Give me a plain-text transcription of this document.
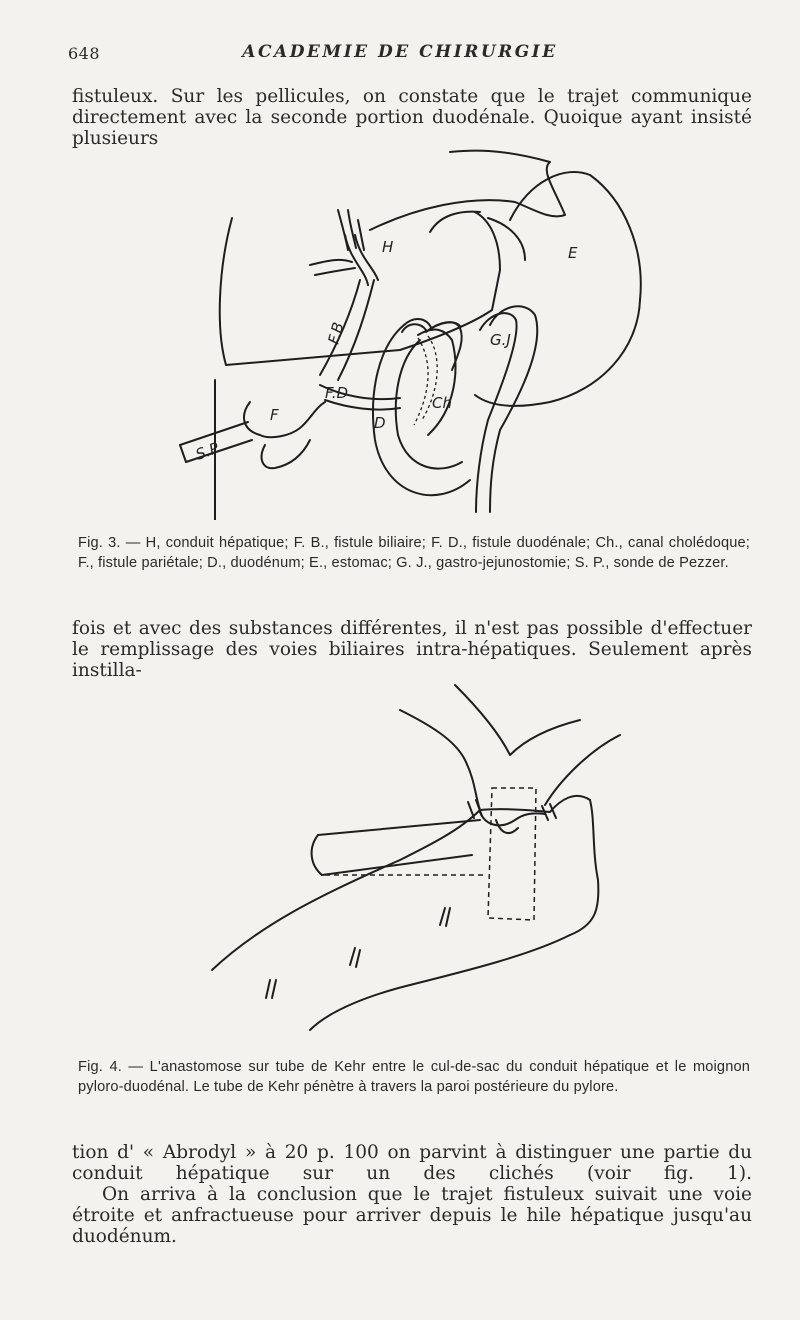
648	ACADEMIE DE CHIRURGIE
fistuleux. Sur les pellicules, on constate que le trajet communique directement avec la seconde portion duodénale. Quoique ayant insisté plusieurs
H	E
F.B	G.J
F.D
Ch
D
F
S.P
Fig. 3. — H, conduit hépatique; F. B., fistule biliaire; F. D., fistule duodénale; Ch., canal cholédoque; F., fistule pariétale; D., duodénum; E., estomac; G. J., gastro-jejunostomie; S. P., sonde de Pezzer.
fois et avec des substances différentes, il n'est pas possible d'effectuer le remplissage des voies biliaires intra-hépatiques. Seulement après instilla-
Fig. 4. — L'anastomose sur tube de Kehr entre le cul-de-sac du conduit hépatique et le moignon pyloro-duodénal. Le tube de Kehr pénètre à travers la paroi postérieure du pylore.
tion d' « Abrodyl » à 20 p. 100 on parvint à distinguer une partie du conduit hépatique sur un des clichés (voir fig. 1).
On arriva à la conclusion que le trajet fistuleux suivait une voie étroite et anfractueuse pour arriver depuis le hile hépatique jusqu'au duodénum.
